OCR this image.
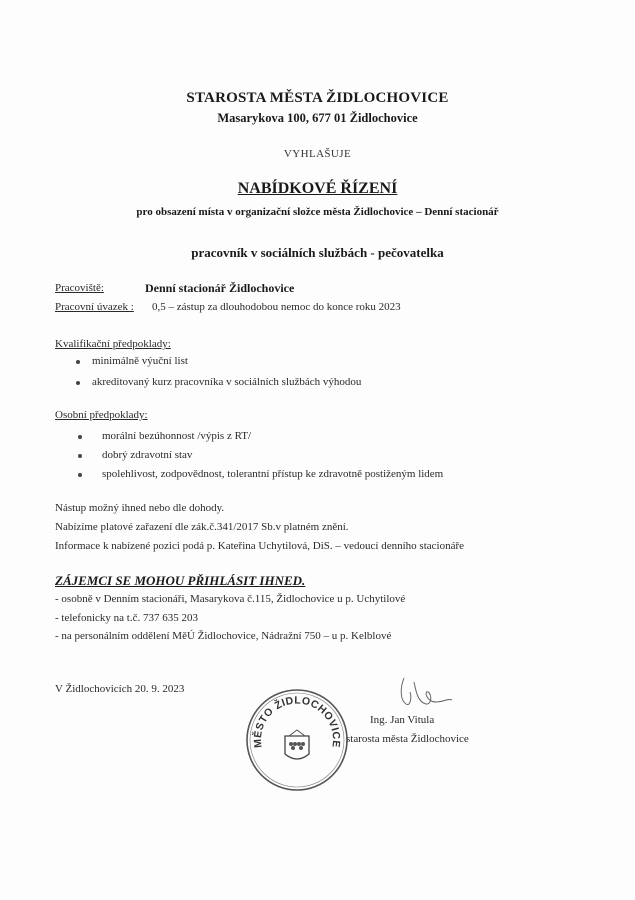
STAROSTA MĚSTA ŽIDLOCHOVICE
Masarykova 100, 677 01 Židlochovice
VYHLAŠUJE
NABÍDKOVÉ ŘÍZENÍ
pro obsazení místa v organizační složce města Židlochovice – Denní stacionář
pracovník v sociálních službách - pečovatelka
Pracoviště:	Denní stacionář Židlochovice
Pracovní úvazek : 0,5 – zástup za dlouhodobou nemoc do konce roku 2023
Kvalifikační předpoklady:
minimálně výuční list
akreditovaný kurz pracovníka v sociálních službách výhodou
Osobní předpoklady:
morální bezúhonnost /výpis z RT/
dobrý zdravotní stav
spolehlivost, zodpovědnost, tolerantní přístup ke zdravotně postiženým lidem
Nástup možný ihned nebo dle dohody.
Nabízíme platové zařazení dle zák.č.341/2017 Sb.v platném znění.
Informace k nabízené pozici podá p. Kateřina Uchytilová, DiS. – vedoucí denního stacionáře
ZÁJEMCI SE MOHOU PŘIHLÁSIT IHNED.
- osobně v Denním stacionáři, Masarykova č.115, Židlochovice u p. Uchytilové
- telefonicky na t.č. 737 635 203
- na personálním oddělení MěÚ Židlochovice, Nádražní 750 – u p. Kelblové
V Židlochovicích 20. 9. 2023
MĚSTO ŽIDLOCHOVICE
Ing. Jan Vitula
starosta města Židlochovice
